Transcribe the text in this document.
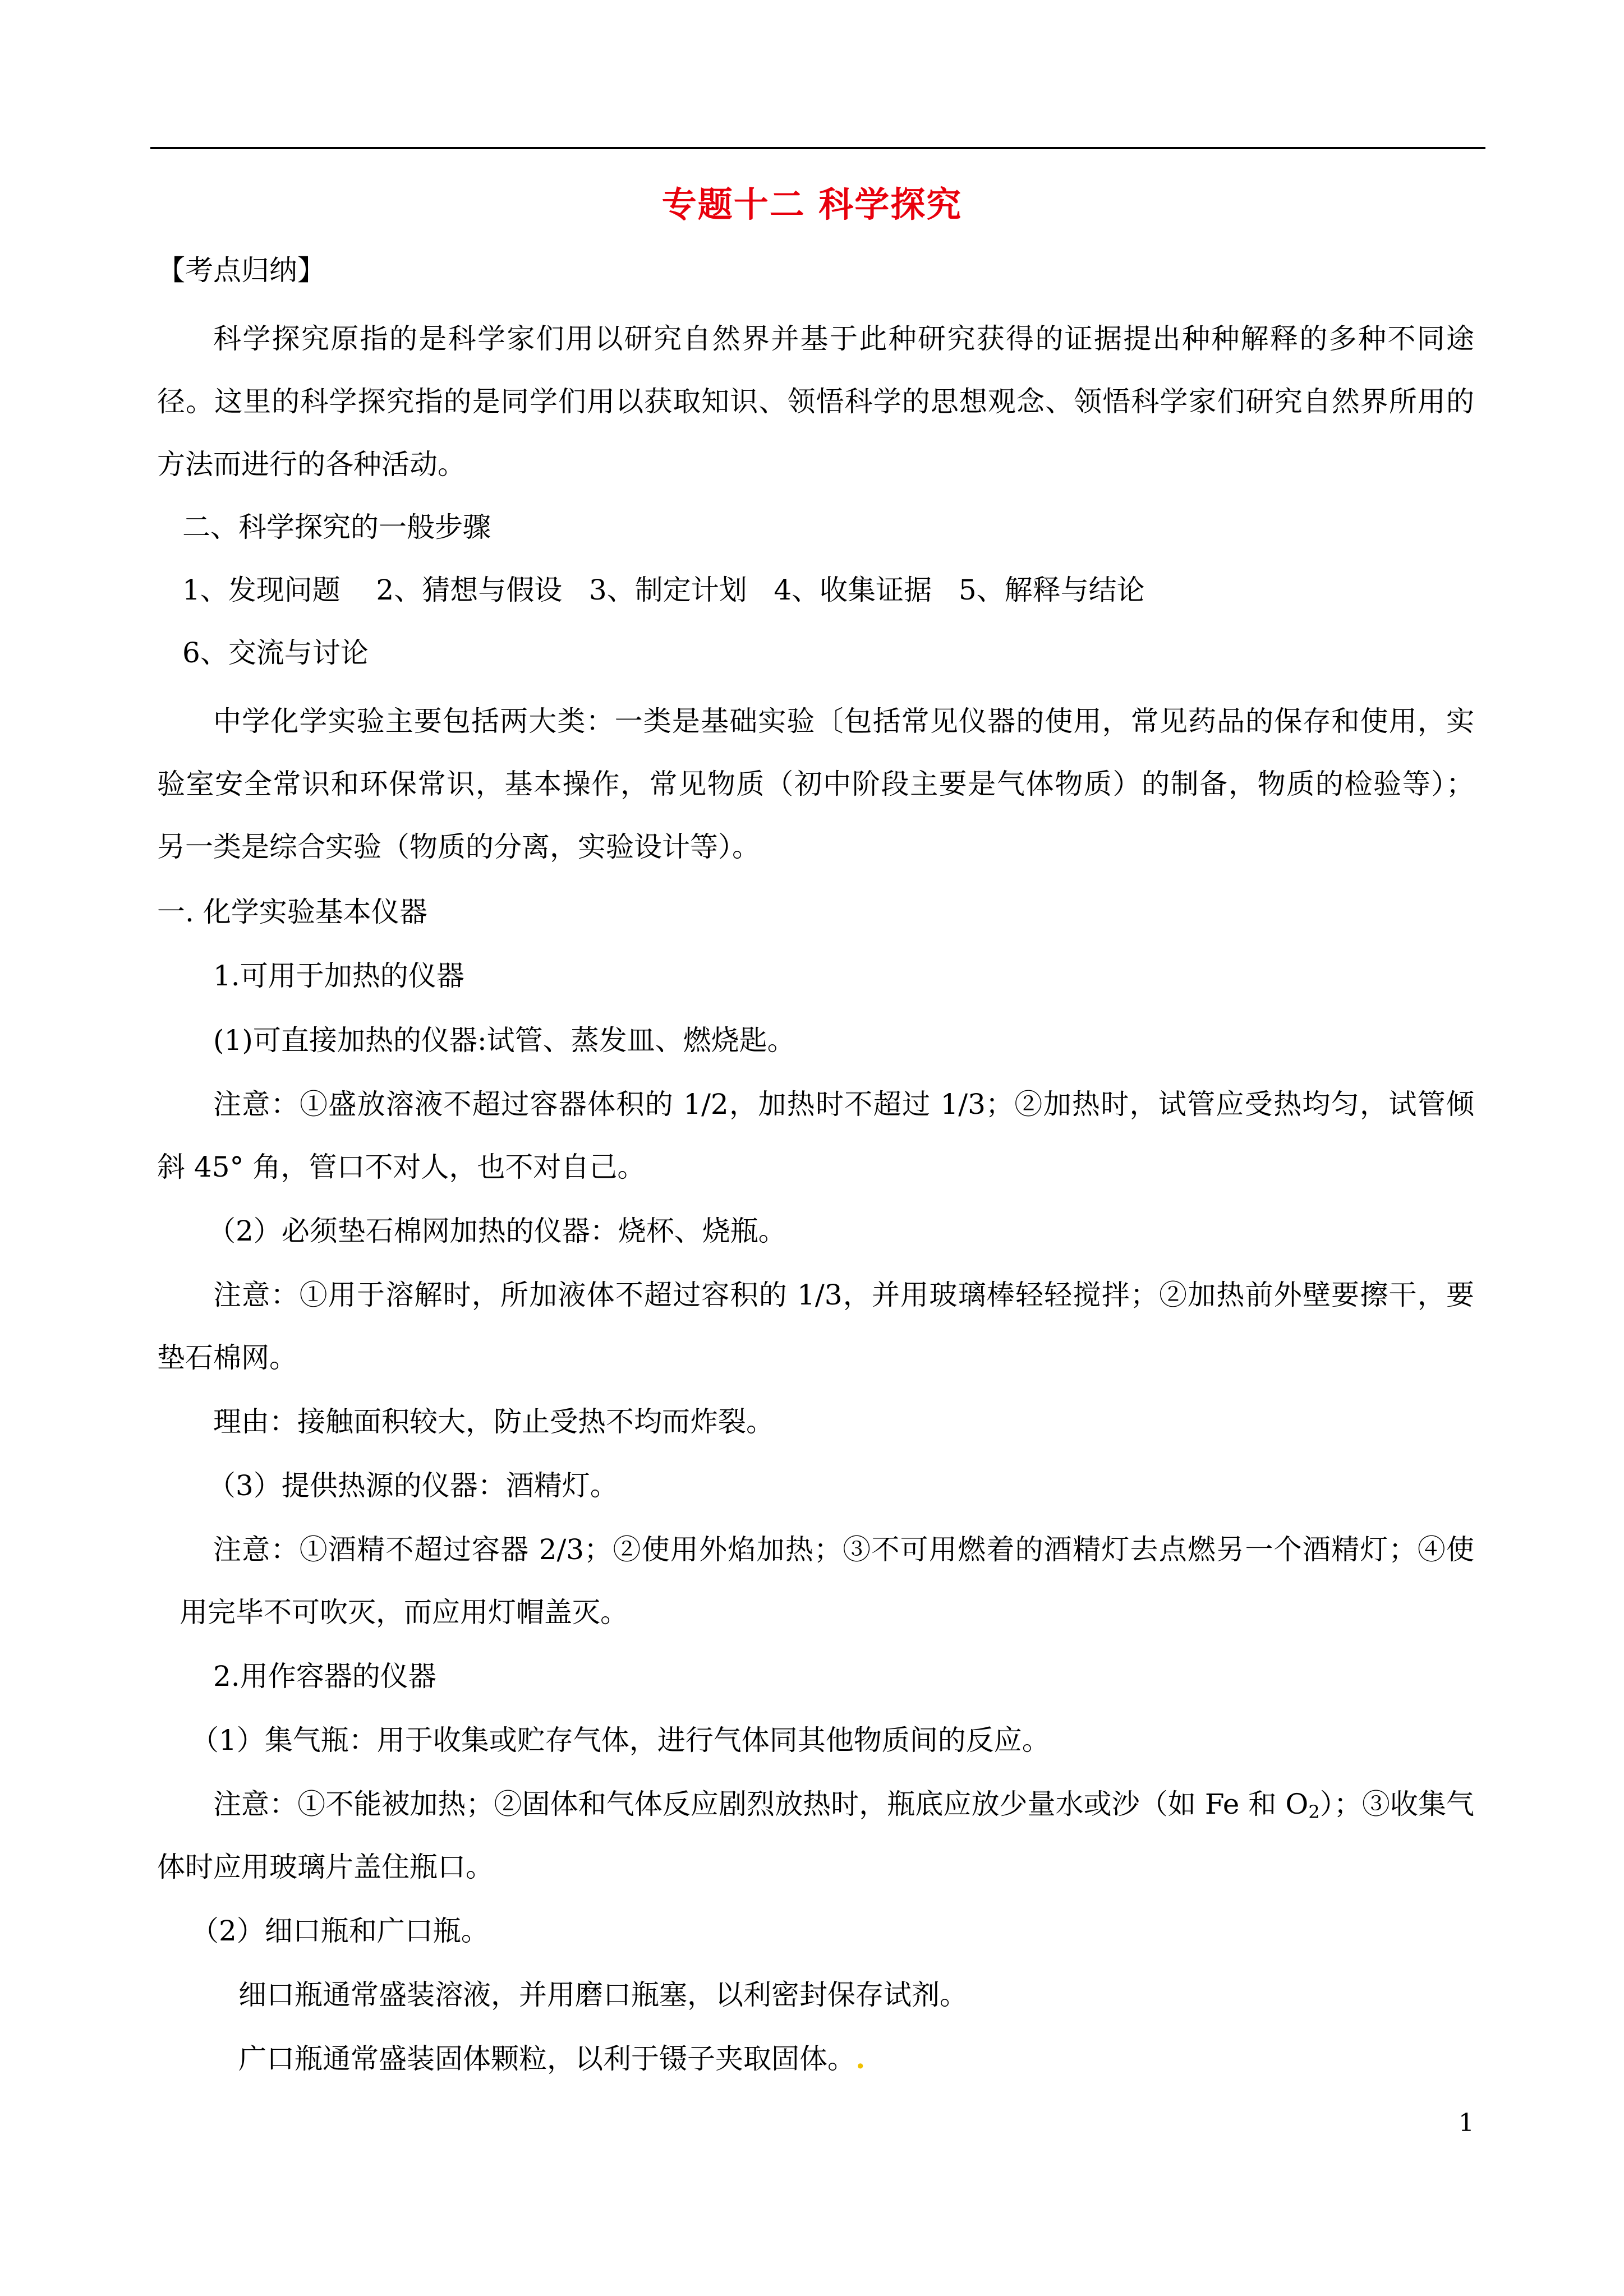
专题十二 科学探究
【考点归纳】
科学探究原指的是科学家们用以研究自然界并基于此种研究获得的证据提出种种解释的多种不同途
径。这里的科学探究指的是同学们用以获取知识、领悟科学的思想观念、领悟科学家们研究自然界所用的
方法而进行的各种活动。
二、科学探究的一般步骤
1、发现问题    2、猜想与假设   3、制定计划   4、收集证据   5、解释与结论
6、交流与讨论
中学化学实验主要包括两大类：一类是基础实验〔包括常见仪器的使用，常见药品的保存和使用，实
验室安全常识和环保常识，基本操作，常见物质（初中阶段主要是气体物质）的制备，物质的检验等）；
另一类是综合实验（物质的分离，实验设计等）。
一. 化学实验基本仪器
1.可用于加热的仪器
(1)可直接加热的仪器:试管、蒸发皿、燃烧匙。
注意：①盛放溶液不超过容器体积的 1/2，加热时不超过 1/3；②加热时，试管应受热均匀，试管倾
斜 45° 角，管口不对人，也不对自己。
（2）必须垫石棉网加热的仪器：烧杯、烧瓶。
注意：①用于溶解时，所加液体不超过容积的 1/3，并用玻璃棒轻轻搅拌；②加热前外壁要擦干，要
垫石棉网。
理由：接触面积较大，防止受热不均而炸裂。
（3）提供热源的仪器：酒精灯。
注意：①酒精不超过容器 2/3；②使用外焰加热；③不可用燃着的酒精灯去点燃另一个酒精灯；④使
用完毕不可吹灭，而应用灯帽盖灭。
2.用作容器的仪器
（1）集气瓶：用于收集或贮存气体，进行气体同其他物质间的反应。
注意：①不能被加热；②固体和气体反应剧烈放热时，瓶底应放少量水或沙（如 Fe 和 $O_2$）；③收集气
体时应用玻璃片盖住瓶口。
（2）细口瓶和广口瓶。
细口瓶通常盛装溶液，并用磨口瓶塞，以利密封保存试剂。
广口瓶通常盛装固体颗粒，以利于镊子夹取固体。.
1
